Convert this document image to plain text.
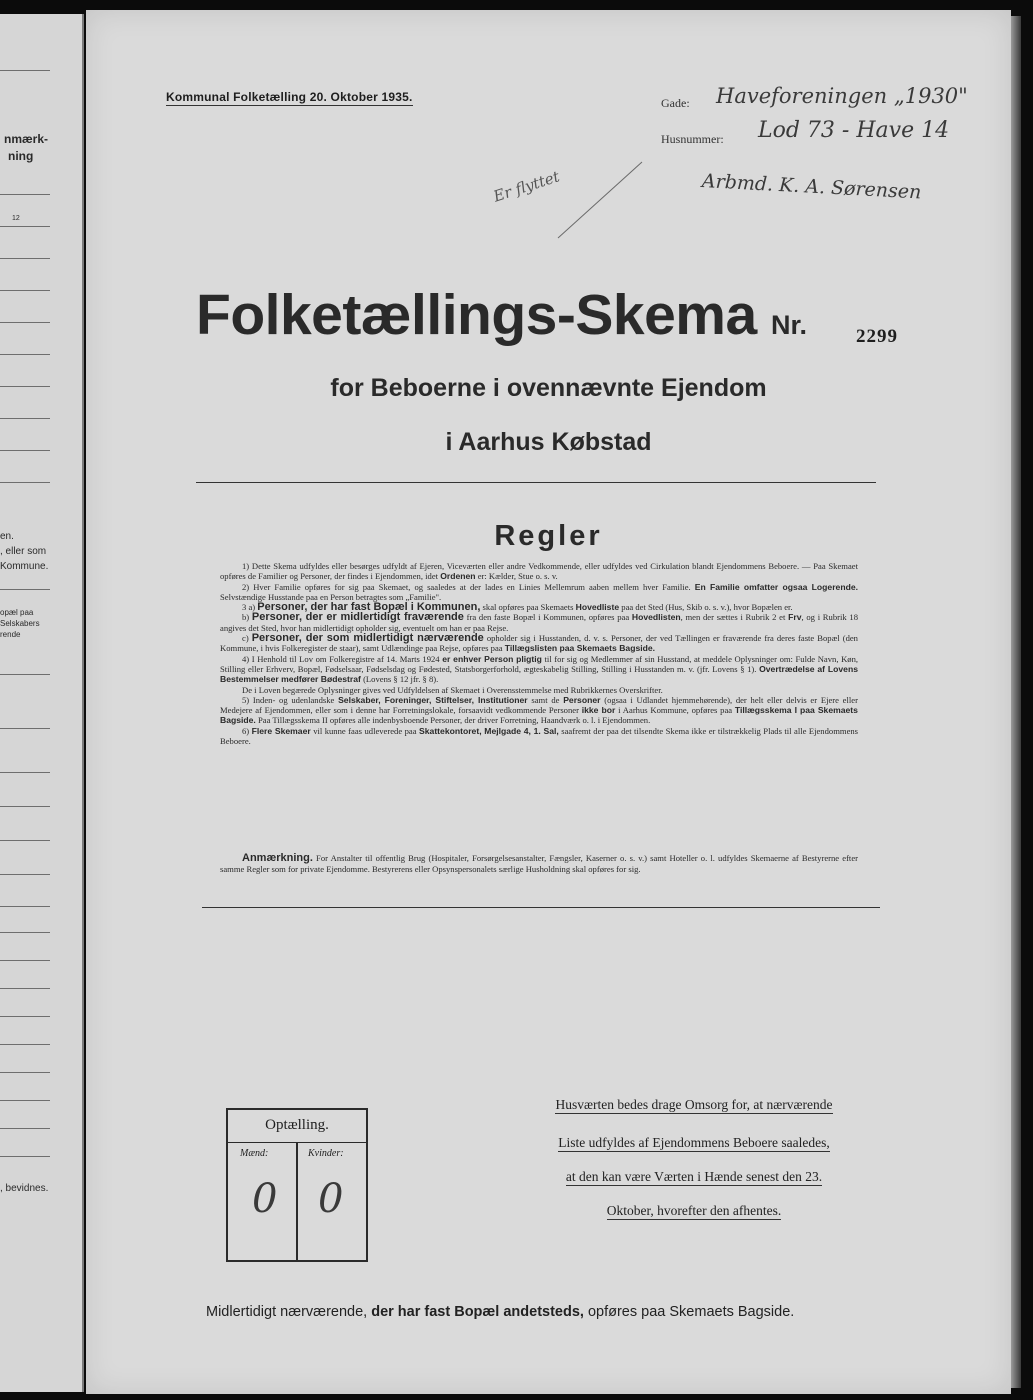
nmærk-
ning
12
en.
, eller som
Kommune.
opæl paa
Selskabers
rende
, bevidnes.
Kommunal Folketælling 20. Oktober 1935.	Gade: Haveforeningen „1930"
Husnummer: Lod 73 - Have 14
Arbmd. K. A. Sørensen
Er flyttet
Folketællings-Skema Nr.	2299
for Beboerne i ovennævnte Ejendom
i Aarhus Købstad
Regler

1) Dette Skema udfyldes eller besørges udfyldt af Ejeren, Viceværten eller andre Vedkommende, eller udfyldes ved Cirkulation blandt Ejendommens Beboere. — Paa Skemaet opføres de Familier og Personer, der findes i Ejendommen, idet Ordenen er: Kælder, Stue o. s. v.

2) Hver Familie opføres for sig paa Skemaet, og saaledes at der lades en Linies Mellemrum aaben mellem hver Familie. En Familie omfatter ogsaa Logerende. Selvstændige Husstande paa en Person betragtes som „Familie".

3 a) Personer, der har fast Bopæl i Kommunen, skal opføres paa Skemaets Hovedliste paa det Sted (Hus, Skib o. s. v.), hvor Bopælen er.

b) Personer, der er midlertidigt fraværende fra den faste Bopæl i Kommunen, opføres paa Hovedlisten, men der sættes i Rubrik 2 et Frv, og i Rubrik 18 angives det Sted, hvor han midlertidigt opholder sig, eventuelt om han er paa Rejse.

c) Personer, der som midlertidigt nærværende opholder sig i Husstanden, d. v. s. Personer, der ved Tællingen er fraværende fra deres faste Bopæl (den Kommune, i hvis Folkeregister de staar), samt Udlændinge paa Rejse, opføres paa Tillægslisten paa Skemaets Bagside.

4) I Henhold til Lov om Folkeregistre af 14. Marts 1924 er enhver Person pligtig til for sig og Medlemmer af sin Husstand, at meddele Oplysninger om: Fulde Navn, Køn, Stilling eller Erhverv, Bopæl, Fødselsaar, Fødselsdag og Fødested, Statsborgerforhold, ægteskabelig Stilling, Stilling i Husstanden m. v. (jfr. Lovens § 1). Overtrædelse af Lovens Bestemmelser medfører Bødestraf (Lovens § 12 jfr. § 8).

De i Loven begærede Oplysninger gives ved Udfyldelsen af Skemaet i Overensstemmelse med Rubrikkernes Overskrifter.

5) Inden- og udenlandske Selskaber, Foreninger, Stiftelser, Institutioner samt de Personer (ogsaa i Udlandet hjemmehørende), der helt eller delvis er Ejere eller Medejere af Ejendommen, eller som i denne har Forretningslokale, forsaavidt vedkommende Personer ikke bor i Aarhus Kommune, opføres paa Tillægsskema I paa Skemaets Bagside. Paa Tillægsskema II opføres alle indenbysboende Personer, der driver Forretning, Haandværk o. l. i Ejendommen.

6) Flere Skemaer vil kunne faas udleverede paa Skattekontoret, Mejlgade 4, 1. Sal, saafremt der paa det tilsendte Skema ikke er tilstrækkelig Plads til alle Ejendommens Beboere.

Anmærkning. For Anstalter til offentlig Brug (Hospitaler, Forsørgelsesanstalter, Fængsler, Kaserner o. s. v.) samt Hoteller o. l. udfyldes Skemaerne af Bestyrerne efter samme Regler som for private Ejendomme. Bestyrerens eller Opsynspersonalets særlige Husholdning skal opføres for sig.

Optælling.
Mænd:	Kvinder:
0 0
Husværten bedes drage Omsorg for, at nærværende
Liste udfyldes af Ejendommens Beboere saaledes,
at den kan være Værten i Hænde senest den 23.
Oktober, hvorefter den afhentes.
Midlertidigt nærværende, der har fast Bopæl andetsteds, opføres paa Skemaets Bagside.
